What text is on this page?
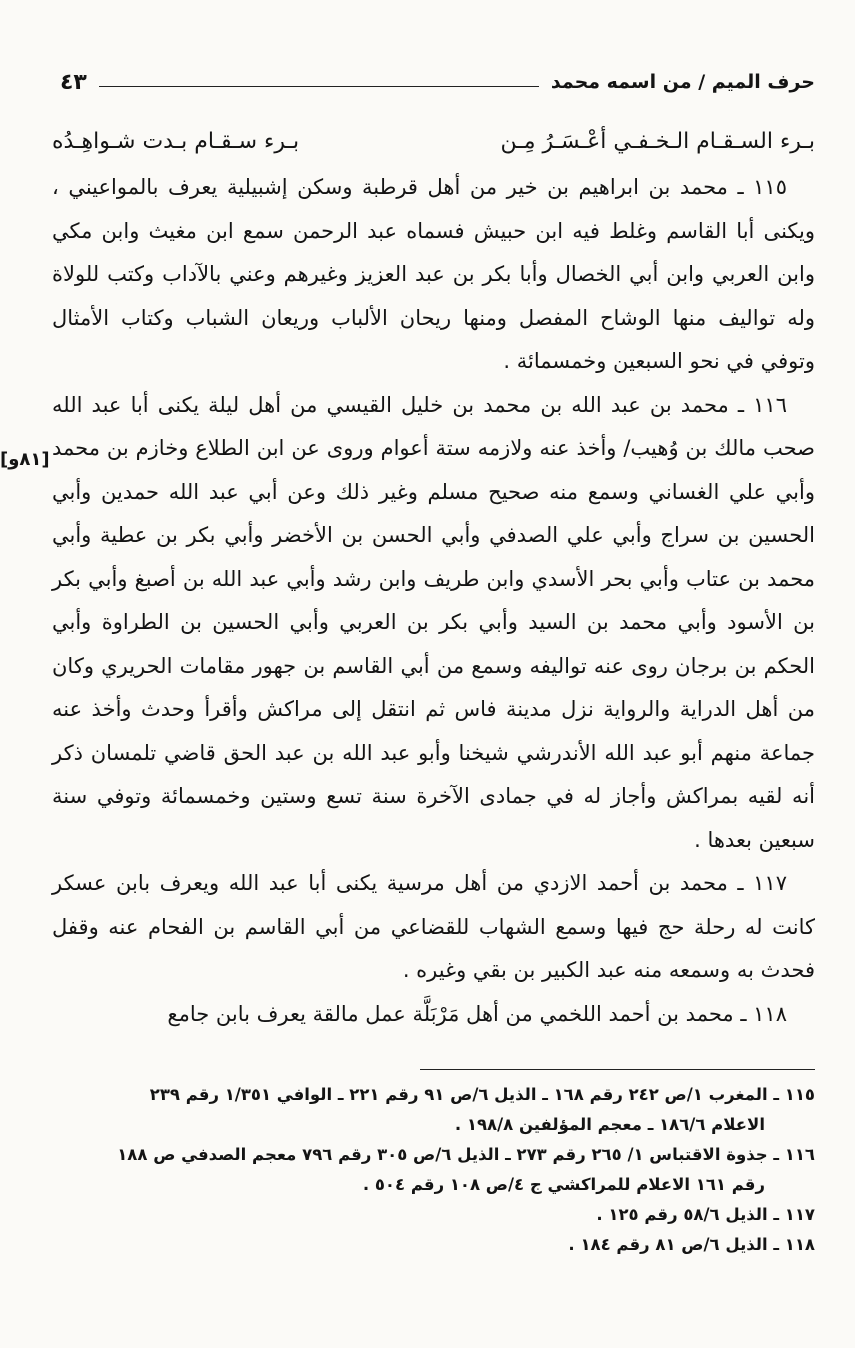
حرف الميم / من اسمه محمد
٤٣
بـرء السـقـام الـخـفـي أعْـسَـرُ مِـن
بـرء سـقـام بـدت شـواهِـدُه

١١٥ ـ محمد بن ابراهيم بن خير من أهل قرطبة وسكن إشبيلية يعرف بالمواعيني ، ويكنى أبا القاسم وغلط فيه ابن حبيش فسماه عبد الرحمن سمع ابن مغيث وابن مكي وابن العربي وابن أبي الخصال وأبا بكر بن عبد العزيز وغيرهم وعني بالآداب وكتب للولاة وله تواليف منها الوشاح المفصل ومنها ريحان الألباب وريعان الشباب وكتاب الأمثال وتوفي في نحو السبعين وخمسمائة .

١١٦ ـ محمد بن عبد الله بن محمد بن خليل القيسي من أهل ليلة يكنى أبا عبد الله صحب مالك بن وُهيب/ وأخذ عنه ولازمه ستة أعوام وروى عن ابن الطلاع وخازم بن محمد وأبي علي الغساني وسمع منه صحيح مسلم وغير ذلك وعن أبي عبد الله حمدين وأبي الحسين بن سراج وأبي علي الصدفي وأبي الحسن بن الأخضر وأبي بكر بن عطية وأبي محمد بن عتاب وأبي بحر الأسدي وابن طريف وابن رشد وأبي عبد الله بن أصبغ وأبي بكر بن الأسود وأبي محمد بن السيد وأبي بكر بن العربي وأبي الحسين بن الطراوة وأبي الحكم بن برجان روى عنه تواليفه وسمع من أبي القاسم بن جهور مقامات الحريري وكان من أهل الدراية والرواية نزل مدينة فاس ثم انتقل إلى مراكش وأقرأ وحدث وأخذ عنه جماعة منهم أبو عبد الله الأندرشي شيخنا وأبو عبد الله بن عبد الحق قاضي تلمسان ذكر أنه لقيه بمراكش وأجاز له في جمادى الآخرة سنة تسع وستين وخمسمائة وتوفي سنة سبعين بعدها .

١١٧ ـ محمد بن أحمد الازدي من أهل مرسية يكنى أبا عبد الله ويعرف بابن عسكر كانت له رحلة حج فيها وسمع الشهاب للقضاعي من أبي القاسم بن الفحام عنه وقفل فحدث به وسمعه منه عبد الكبير بن بقي وغيره .

١١٨ ـ محمد بن أحمد اللخمي من أهل مَرْبَلَّة عمل مالقة يعرف بابن جامع

[٨١و]

١١٥ ـ المغرب ١/ص ٢٤٢ رقم ١٦٨ ـ الذيل ٦/ص ٩١ رقم ٢٢١ ـ الوافي ١/٣٥١ رقم ٢٣٩

الاعلام ١٨٦/٦ ـ معجم المؤلفين ١٩٨/٨ .

١١٦ ـ جذوة الاقتباس ١/ ٢٦٥ رقم ٢٧٣ ـ الذيل ٦/ص ٣٠٥ رقم ٧٩٦ معجم الصدفي ص ١٨٨

رقم ١٦١ الاعلام للمراكشي ج ٤/ص ١٠٨ رقم ٥٠٤ .

١١٧ ـ الذيل ٥٨/٦ رقم ١٢٥ .

١١٨ ـ الذيل ٦/ص ٨١ رقم ١٨٤ .
